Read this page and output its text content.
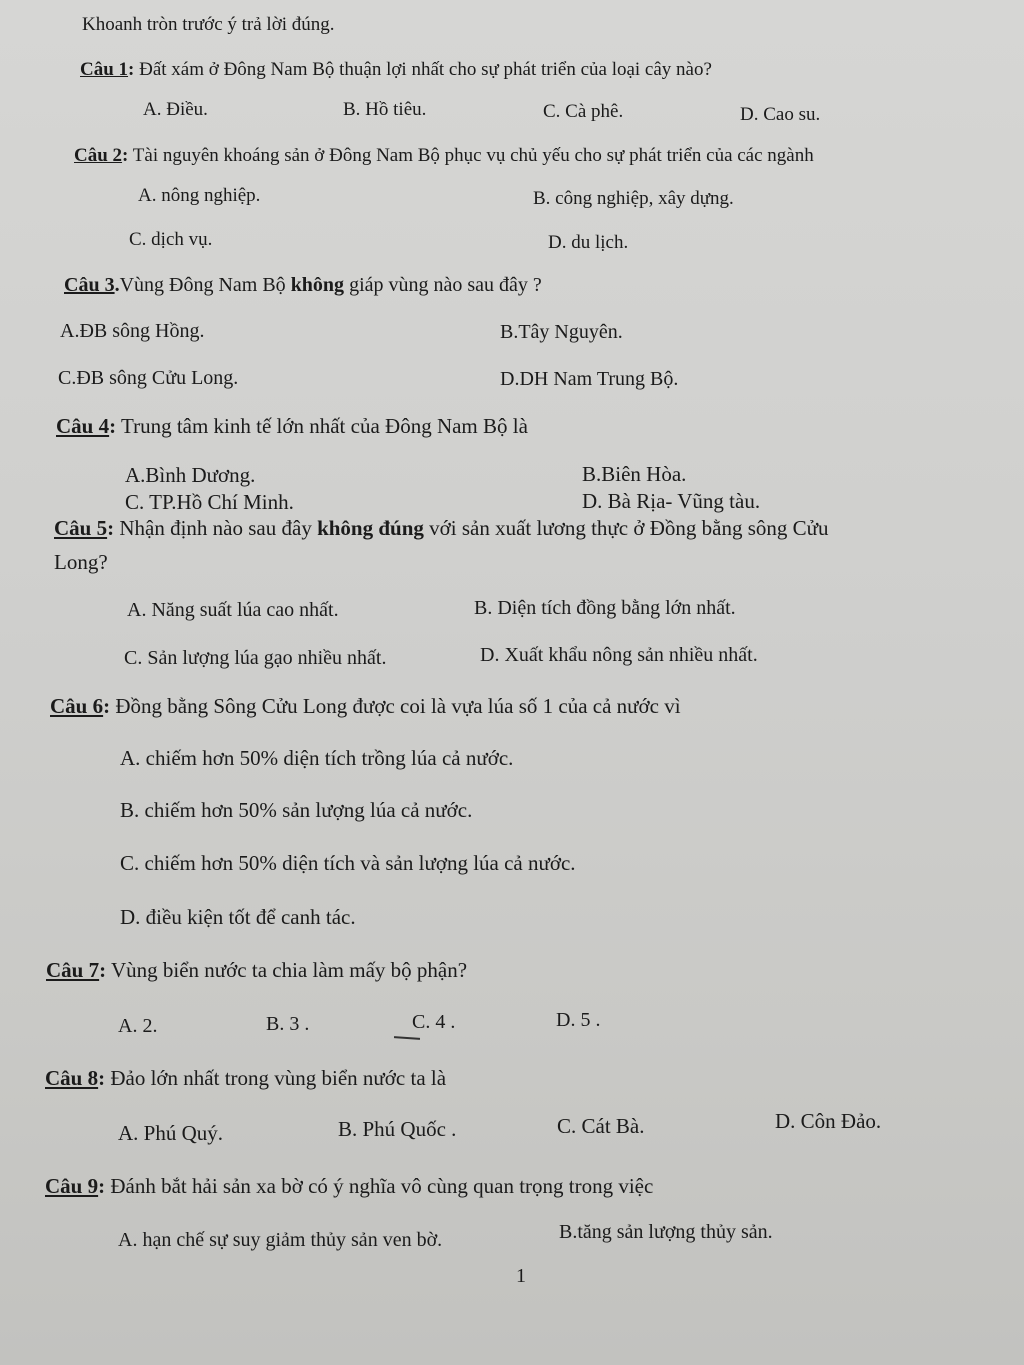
Khoanh tròn trước ý trả lời đúng.
Câu 1: Đất xám ở Đông Nam Bộ thuận lợi nhất cho sự phát triển của loại cây nào?
A. Điều.	B. Hồ tiêu.	C. Cà phê.	D. Cao su.
Câu 2: Tài nguyên khoáng sản ở Đông Nam Bộ phục vụ chủ yếu cho sự phát triển của các ngành
A. nông nghiệp.	B. công nghiệp, xây dựng.
C. dịch vụ.	D. du lịch.
Câu 3.Vùng Đông Nam Bộ không giáp vùng nào sau đây ?
A.ĐB sông Hồng.	B.Tây Nguyên.
C.ĐB sông Cửu Long.	D.DH Nam Trung Bộ.
Câu 4: Trung tâm kinh tế lớn nhất của Đông Nam Bộ là
A.Bình Dương.	B.Biên Hòa.
C. TP.Hồ Chí Minh.	D. Bà Rịa- Vũng tàu.
Câu 5: Nhận định nào sau đây không đúng với sản xuất lương thực ở Đồng bằng sông Cửu
Long?
A. Năng suất lúa cao nhất.	B. Diện tích đồng bằng lớn nhất.
C. Sản lượng lúa gạo nhiều nhất.	D. Xuất khẩu nông sản nhiều nhất.
Câu 6: Đồng bằng Sông Cửu Long được coi là vựa lúa số 1 của cả nước vì
A. chiếm hơn 50% diện tích trồng lúa cả nước.
B. chiếm hơn 50% sản lượng lúa cả nước.
C. chiếm hơn 50% diện tích và sản lượng lúa cả nước.
D. điều kiện tốt để canh tác.
Câu 7: Vùng biển nước ta chia làm mấy bộ phận?
A. 2.	B. 3 .	C. 4 .	D. 5 .
Câu 8: Đảo lớn nhất trong vùng biển nước ta là
A. Phú Quý.	B. Phú Quốc .	C. Cát Bà.	D. Côn Đảo.
Câu 9: Đánh bắt hải sản xa bờ có ý nghĩa vô cùng quan trọng trong việc
A. hạn chế sự suy giảm thủy sản ven bờ.	B.tăng sản lượng thủy sản.
1
